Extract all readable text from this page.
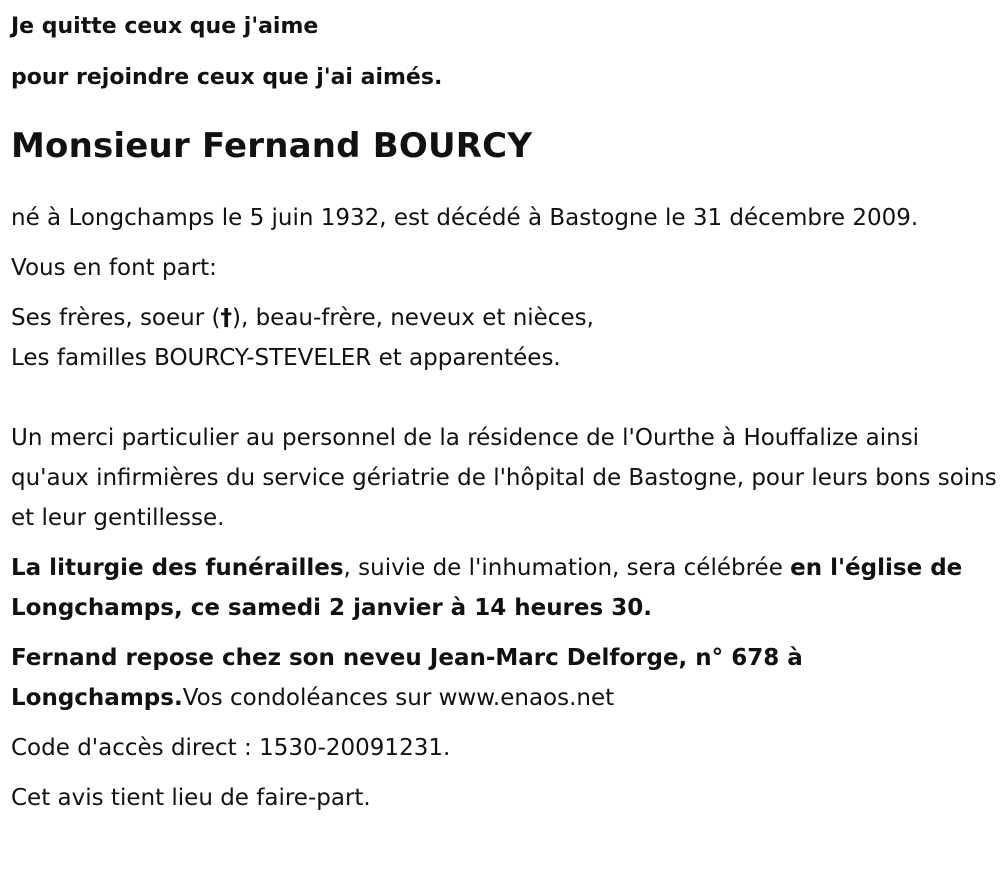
Je quitte ceux que j'aime

pour rejoindre ceux que j'ai aimés.

Monsieur Fernand BOURCY

né à Longchamps le 5 juin 1932, est décédé à Bastogne le 31 décembre 2009.

Vous en font part:

Ses frères, soeur (†), beau-frère, neveux et nièces,
Les familles BOURCY-STEVELER et apparentées.

Un merci particulier au personnel de la résidence de l'Ourthe à Houffalize ainsi qu'aux infirmières du service gériatrie de l'hôpital de Bastogne, pour leurs bons soins et leur gentillesse.

La liturgie des funérailles, suivie de l'inhumation, sera célébrée en l'église de Longchamps, ce samedi 2 janvier à 14 heures 30.

Fernand repose chez son neveu Jean-Marc Delforge, n° 678 à Longchamps.Vos condoléances sur www.enaos.net

Code d'accès direct : 1530-20091231.

Cet avis tient lieu de faire-part.
